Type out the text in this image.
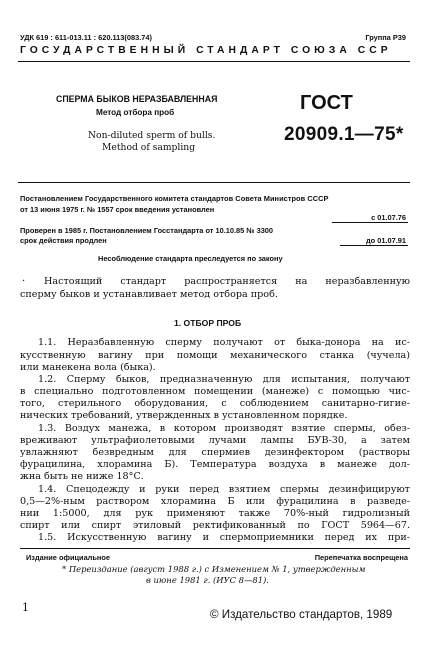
УДК 619 : 611-013.11 : 620.113(083.74)	Группа Р39
ГОСУДАРСТВЕННЫЙ СТАНДАРТ СОЮЗА ССР
СПЕРМА БЫКОВ НЕРАЗБАВЛЕННАЯ
Метод отбора проб
Non-diluted sperm of bulls.
Method of sampling
ГОСТ
20909.1—75*
Постановлением Государственного комитета стандартов Совета Министров СССР
от 13 июня 1975 г. № 1557 срок введения установлен
с 01.07.76
Проверен в 1985 г. Постановлением Госстандарта от 10.10.85 № 3300
срок действия продлен	до 01.07.91
Несоблюдение стандарта преследуется по закону
· Настоящий стандарт распространяется на неразбавленную
сперму быков и устанавливает метод отбора проб.
1. ОТБОР ПРОБ
1.1. Неразбавленную сперму получают от быка-донора на ис-
кусственную вагину при помощи механического станка (чучела)
или манекена вола (быка).
1.2. Сперму быков, предназначенную для испытания, получают
в специально подготовленном помещении (манеже) с помощью чис-
того, стерильного оборудования, с соблюдением санитарно-гигие-
нических требований, утвержденных в установленном порядке.
1.3. Воздух манежа, в котором производят взятие спермы, обез-
вреживают ультрафиолетовыми лучами лампы БУВ-30, а затем
увлажняют безвредным для спермиев дезинфектором (растворы
фурацилина, хлорамина Б). Температура воздуха в манеже дол-
жна быть не ниже 18°С.
1.4. Спецодежду и руки перед взятием спермы дезинфицируют
0,5—2%-ным раствором хлорамина Б или фурацилина в разведе-
нии 1:5000, для рук применяют также 70%-ный гидролизный
спирт или спирт этиловый ректификованный по ГОСТ 5964—67.
1.5. Искусственную вагину и спермоприемники перед их при-
Издание официальное	Перепечатка воспрещена
* Переиздание (август 1988 г.) с Изменением № 1, утвержденным
в июне 1981 г. (ИУС 8—81).
1
© Издательство стандартов, 1989
